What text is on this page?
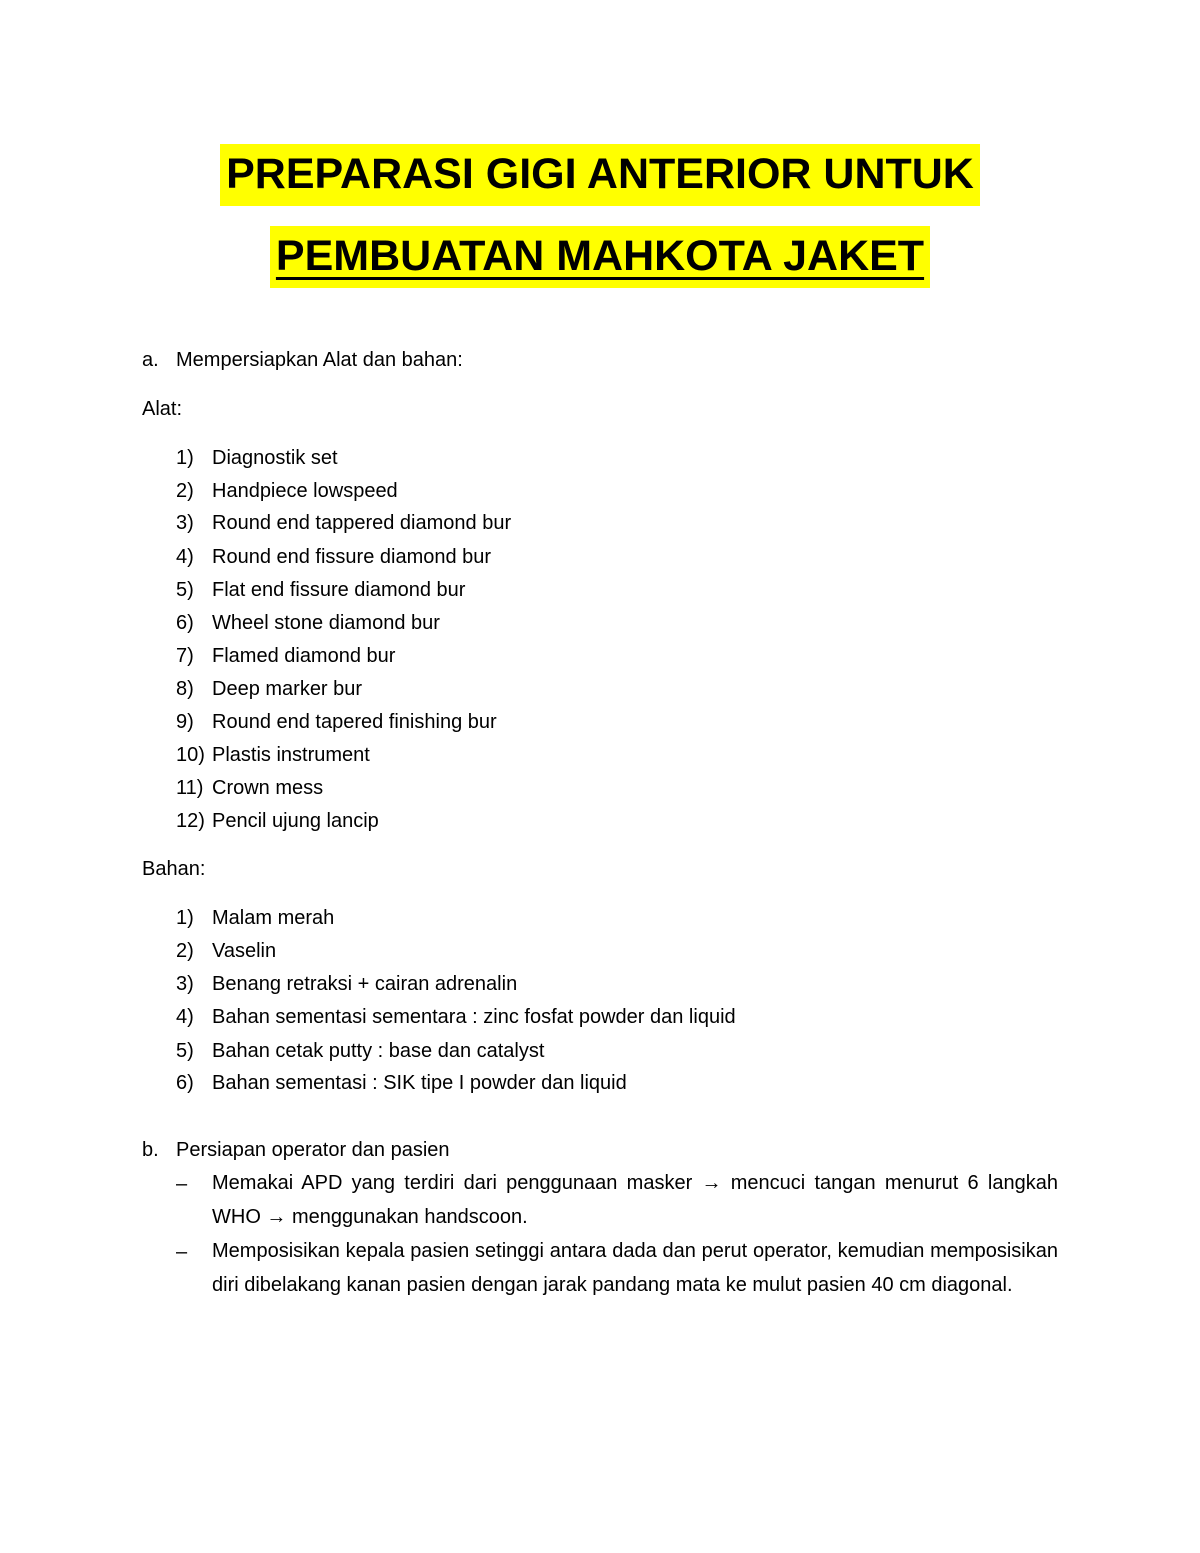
PREPARASI GIGI ANTERIOR UNTUK
PEMBUATAN MAHKOTA JAKET
a. Mempersiapkan Alat dan bahan:
Alat:
1) Diagnostik set
2) Handpiece lowspeed
3) Round end tappered diamond bur
4) Round end fissure diamond bur
5) Flat end fissure diamond bur
6) Wheel stone diamond bur
7) Flamed diamond bur
8) Deep marker bur
9) Round end tapered finishing bur
10) Plastis instrument
11) Crown mess
12) Pencil ujung lancip
Bahan:
1) Malam merah
2) Vaselin
3) Benang retraksi + cairan adrenalin
4) Bahan sementasi sementara : zinc fosfat powder dan liquid
5) Bahan cetak putty : base dan catalyst
6) Bahan sementasi : SIK tipe I powder dan liquid
b. Persiapan operator dan pasien
– Memakai APD yang terdiri dari penggunaan masker → mencuci tangan menurut 6 langkah WHO → menggunakan handscoon.
– Memposisikan kepala pasien setinggi antara dada dan perut operator, kemudian memposisikan diri dibelakang kanan pasien dengan jarak pandang mata ke mulut pasien 40 cm diagonal.
